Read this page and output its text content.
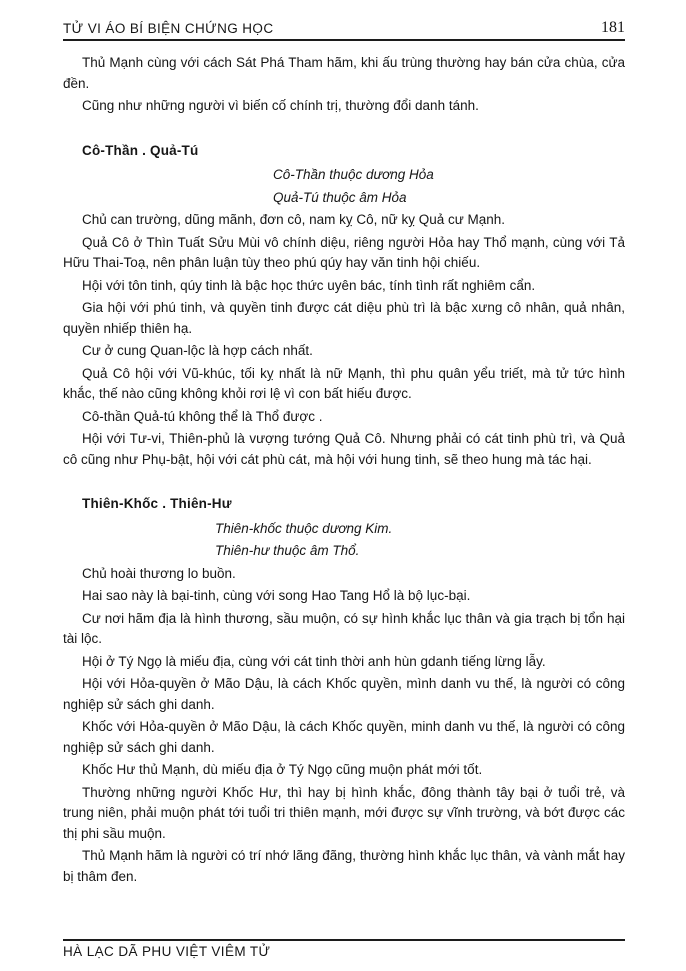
TỬ VI ÁO BÍ BIỆN CHỨNG HỌC	181

Thủ Mạnh cùng với cách Sát Phá Tham hãm, khi ấu trùng thường hay bán cửa chùa, cửa đền.

Cũng như những người vì biến cố chính trị, thường đổi danh tánh.

Cô-Thần . Quả-Tú
Cô-Thần thuộc dương Hỏa
Quả-Tú thuộc âm Hỏa

Chủ can trường, dũng mãnh, đơn cô, nam kỵ Cô, nữ kỵ Quả cư Mạnh.

Quả Cô ở Thìn Tuất Sửu Mùi vô chính diệu, riêng người Hỏa hay Thổ mạnh, cùng với Tả Hữu Thai-Toạ, nên phân luận tùy theo phú qúy hay văn tinh hội chiếu.

Hội với tôn tinh, qúy tinh là bậc học thức uyên bác, tính tình rất nghiêm cẩn.

Gia hội với phú tinh, và quyền tinh được cát diệu phù trì là bậc xưng cô nhân, quả nhân, quyền nhiếp thiên hạ.

Cư ở cung Quan-lộc là hợp cách nhất.

Quả Cô hội với Vũ-khúc, tối kỵ nhất là nữ Mạnh, thì phu quân yểu triết, mà tử tức hình khắc, thế nào cũng không khỏi rơi lệ vì con bất hiếu được.

Cô-thần Quả-tú không thể là Thổ được .

Hội với Tư-vi, Thiên-phủ là vượng tướng Quả Cô. Nhưng phải có cát tinh phù trì, và Quả cô cũng như Phụ-bật, hội với cát phù cát, mà hội với hung tinh, sẽ theo hung mà tác hại.

Thiên-Khốc . Thiên-Hư
Thiên-khốc thuộc dương Kim.
Thiên-hư thuộc âm Thổ.

Chủ hoài thương lo buồn.

Hai sao này là bại-tinh, cùng với song Hao Tang Hổ là bộ lục-bại.

Cư nơi hãm địa là hình thương, sầu muộn, có sự hình khắc lục thân và gia trạch bị tổn hại tài lộc.

Hội ở Tý Ngọ là miếu địa, cùng với cát tinh thời anh hùn gdanh tiếng lừng lẫy.

Hội với Hỏa-quyền ở Mão Dậu, là cách Khốc quyền, mình danh vu thế, là người có công nghiệp sử sách ghi danh.

Khốc với Hỏa-quyền ở Mão Dậu, là cách Khốc quyền, minh danh vu thế, là người có công nghiệp sử sách ghi danh.

Khốc Hư thủ Mạnh, dù miếu địa ở Tý Ngọ cũng muộn phát mới tốt.

Thường những người Khốc Hư, thì hay bị hình khắc, đông thành tây bại ở tuổi trẻ, và trung niên, phải muộn phát tới tuổi tri thiên mạnh, mới được sự vĩnh trường, và bớt được các thị phi sầu muộn.

Thủ Mạnh hãm là người có trí nhớ lãng đãng, thường hình khắc lục thân, và vành mắt hay bị thâm đen.

HÀ LẠC DÃ PHU VIỆT VIÊM TỬ
